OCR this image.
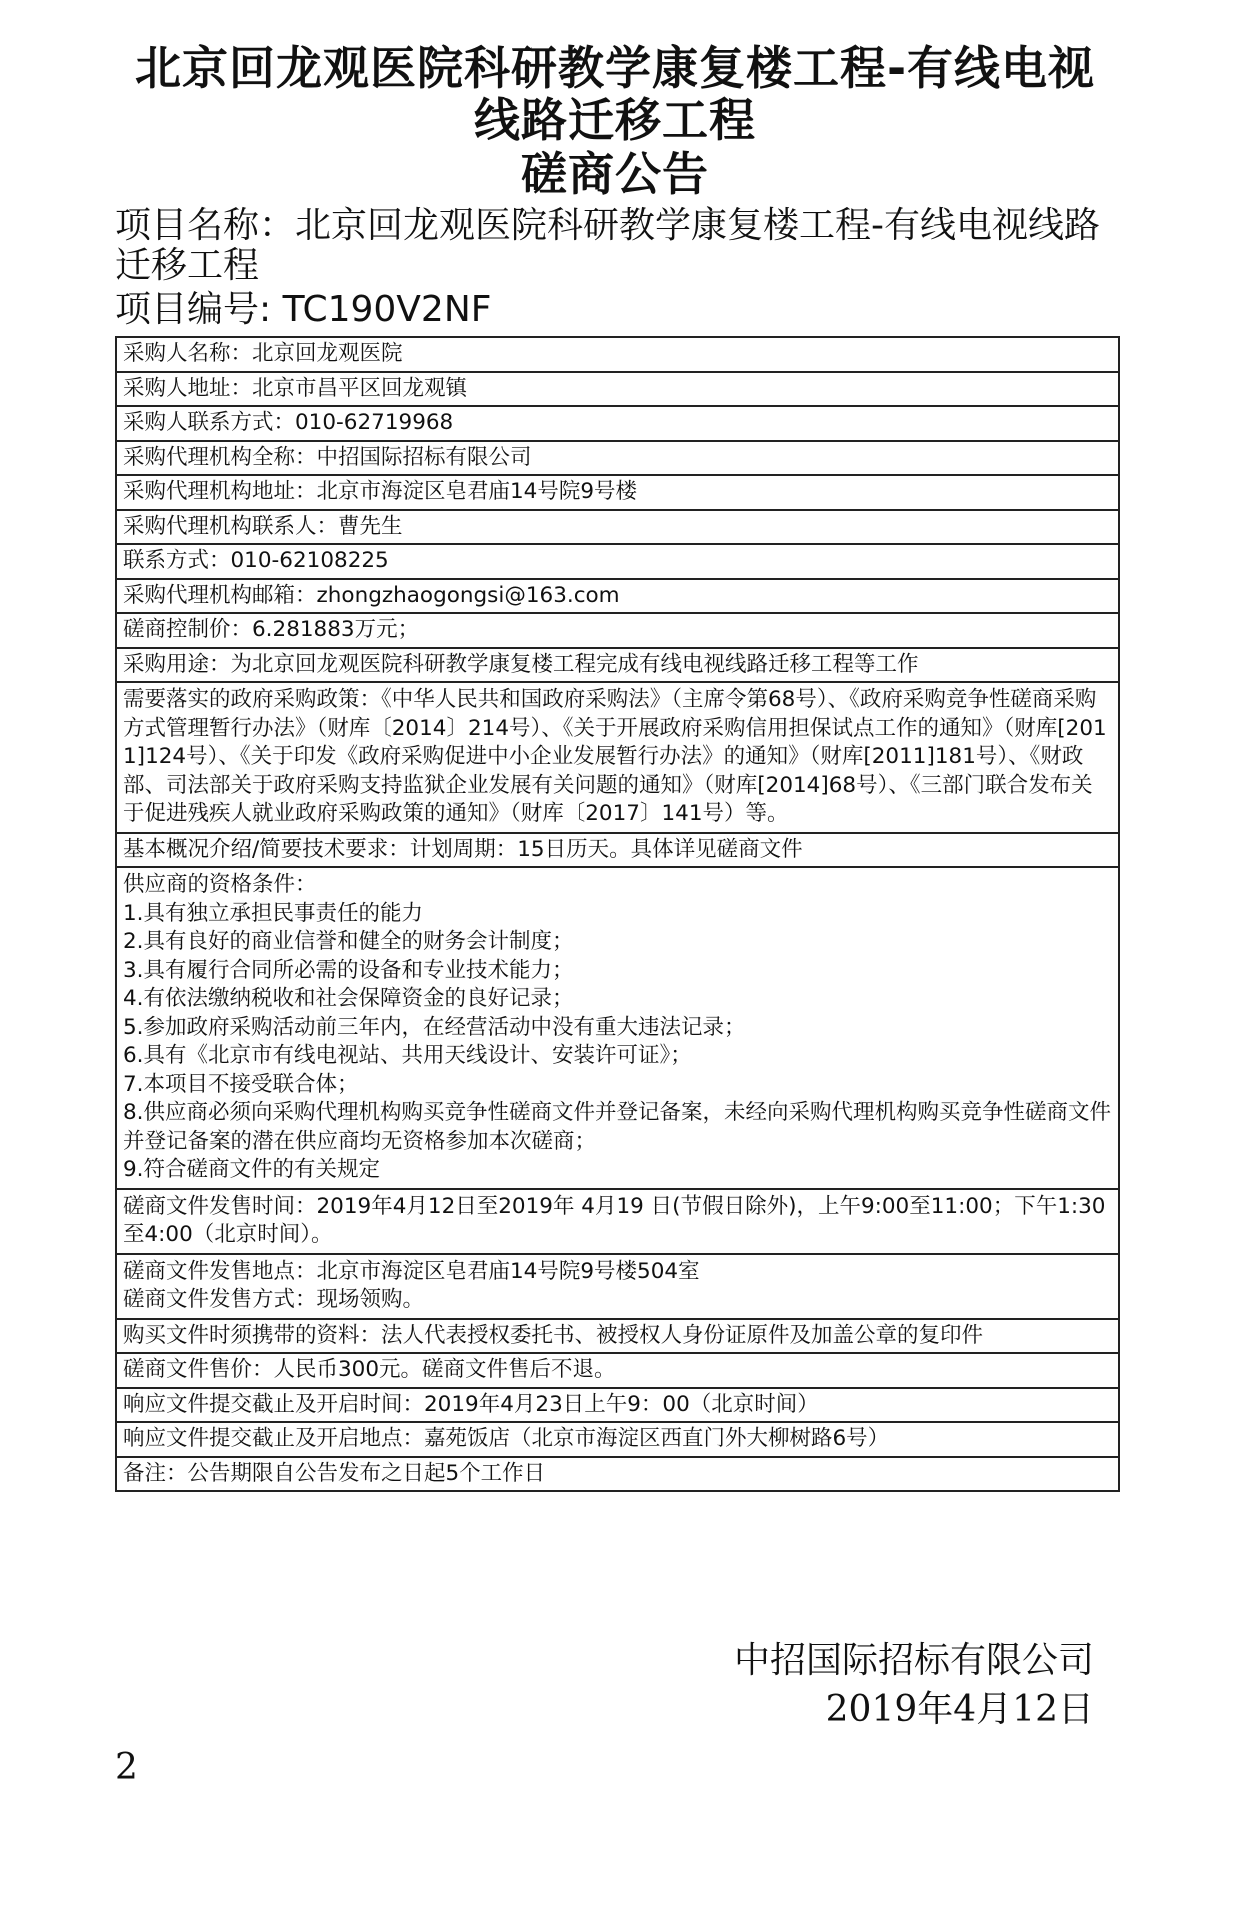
北京回龙观医院科研教学康复楼工程-有线电视
线路迁移工程
磋商公告
项目名称：北京回龙观医院科研教学康复楼工程-有线电视线路迁移工程
项目编号: TC190V2NF
采购人名称：北京回龙观医院

采购人地址：北京市昌平区回龙观镇

采购人联系方式：010-62719968

采购代理机构全称：中招国际招标有限公司

采购代理机构地址：北京市海淀区皂君庙14号院9号楼

采购代理机构联系人：曹先生

联系方式：010-62108225

采购代理机构邮箱：zhongzhaogongsi@163.com

磋商控制价：6.281883万元；

采购用途：为北京回龙观医院科研教学康复楼工程完成有线电视线路迁移工程等工作

需要落实的政府采购政策：《中华人民共和国政府采购法》（主席令第68号）、《政府采购竞争性磋商采购方式管理暂行办法》（财库〔2014〕214号）、《关于开展政府采购信用担保试点工作的通知》（财库[2011]124号）、《关于印发《政府采购促进中小企业发展暂行办法》的通知》（财库[2011]181号）、《财政部、司法部关于政府采购支持监狱企业发展有关问题的通知》（财库[2014]68号）、《三部门联合发布关于促进残疾人就业政府采购政策的通知》（财库〔2017〕141号）等。

基本概况介绍/简要技术要求：计划周期：15日历天。具体详见磋商文件

供应商的资格条件：
1.具有独立承担民事责任的能力
2.具有良好的商业信誉和健全的财务会计制度；
3.具有履行合同所必需的设备和专业技术能力；
4.有依法缴纳税收和社会保障资金的良好记录；
5.参加政府采购活动前三年内，在经营活动中没有重大违法记录；
6.具有《北京市有线电视站、共用天线设计、安装许可证》；
7.本项目不接受联合体；
8.供应商必须向采购代理机构购买竞争性磋商文件并登记备案，未经向采购代理机构购买竞争性磋商文件并登记备案的潜在供应商均无资格参加本次磋商；
9.符合磋商文件的有关规定

磋商文件发售时间：2019年4月12日至2019年 4月19 日(节假日除外)，上午9:00至11:00；下午1:30至4:00（北京时间）。

磋商文件发售地点：北京市海淀区皂君庙14号院9号楼504室
磋商文件发售方式：现场领购。

购买文件时须携带的资料：法人代表授权委托书、被授权人身份证原件及加盖公章的复印件

磋商文件售价：人民币300元。磋商文件售后不退。

响应文件提交截止及开启时间：2019年4月23日上午9：00（北京时间）

响应文件提交截止及开启地点：嘉苑饭店（北京市海淀区西直门外大柳树路6号）

备注：公告期限自公告发布之日起5个工作日
中招国际招标有限公司
2019年4月12日
2
